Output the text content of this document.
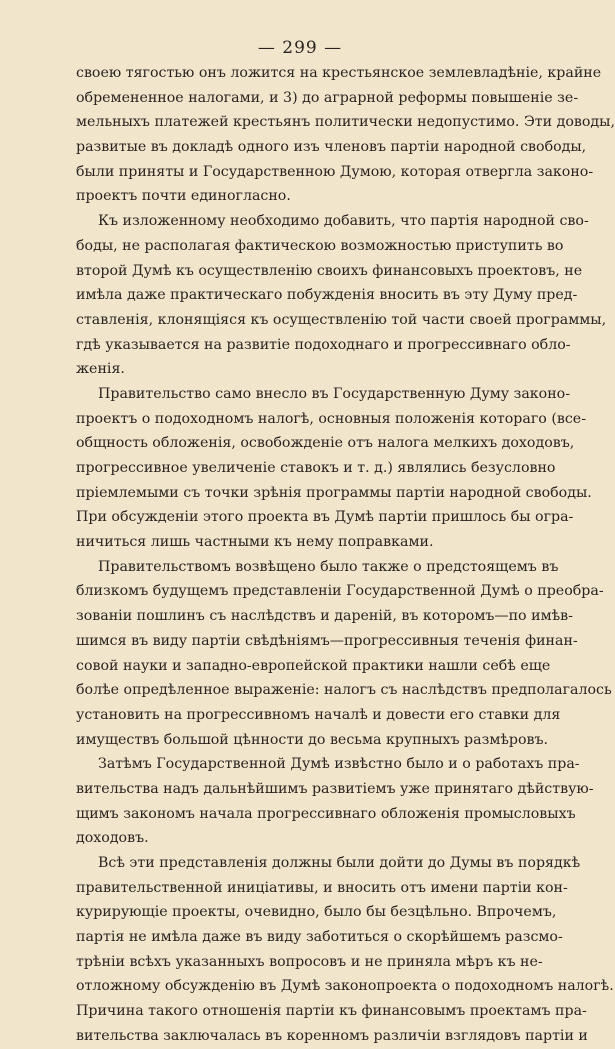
— 299 —
своею тягостью онъ ложится на крестьянское землевладѣніе, крайне
обремененное налогами, и 3) до аграрной реформы повышеніе зе-
мельныхъ платежей крестьянъ политически недопустимо. Эти доводы,
развитые въ докладѣ одного изъ членовъ партіи народной свободы,
были приняты и Государственною Думою, которая отвергла законо-
проектъ почти единогласно.
Къ изложенному необходимо добавить, что партія народной сво-
боды, не располагая фактическою возможностью приступить во
второй Думѣ къ осуществленію своихъ финансовыхъ проектовъ, не
имѣла даже практическаго побужденія вносить въ эту Думу пред-
ставленія, клонящіяся къ осуществленію той части своей программы,
гдѣ указывается на развитіе подоходнаго и прогрессивнаго обло-
женія.
Правительство само внесло въ Государственную Думу законо-
проектъ о подоходномъ налогѣ, основныя положенія котораго (все-
общность обложенія, освобожденіе отъ налога мелкихъ доходовъ,
прогрессивное увеличеніе ставокъ и т. д.) являлись безусловно
пріемлемыми съ точки зрѣнія программы партіи народной свободы.
При обсужденіи этого проекта въ Думѣ партіи пришлось бы огра-
ничиться лишь частными къ нему поправками.
Правительствомъ возвѣщено было также о предстоящемъ въ
близкомъ будущемъ представленіи Государственной Думѣ о преобра-
зованіи пошлинъ съ наслѣдствъ и дареній, въ которомъ—по имѣв-
шимся въ виду партіи свѣдѣніямъ—прогрессивныя теченія финан-
совой науки и западно-европейской практики нашли себѣ еще
болѣе опредѣленное выраженіе: налогъ съ наслѣдствъ предполагалось
установить на прогрессивномъ началѣ и довести его ставки для
имуществъ большой цѣнности до весьма крупныхъ размѣровъ.
Затѣмъ Государственной Думѣ извѣстно было и о работахъ пра-
вительства надъ дальнѣйшимъ развитіемъ уже принятаго дѣйствую-
щимъ закономъ начала прогрессивнаго обложенія промысловыхъ
доходовъ.
Всѣ эти представленія должны были дойти до Думы въ порядкѣ
правительственной иниціативы, и вносить отъ имени партіи кон-
курирующіе проекты, очевидно, было бы безцѣльно. Впрочемъ,
партія не имѣла даже въ виду заботиться о скорѣйшемъ разсмо-
трѣніи всѣхъ указанныхъ вопросовъ и не приняла мѣръ къ не-
отложному обсужденію въ Думѣ законопроекта о подоходномъ налогѣ.
Причина такого отношенія партіи къ финансовымъ проектамъ пра-
вительства заключалась въ коренномъ различіи взглядовъ партіи и
